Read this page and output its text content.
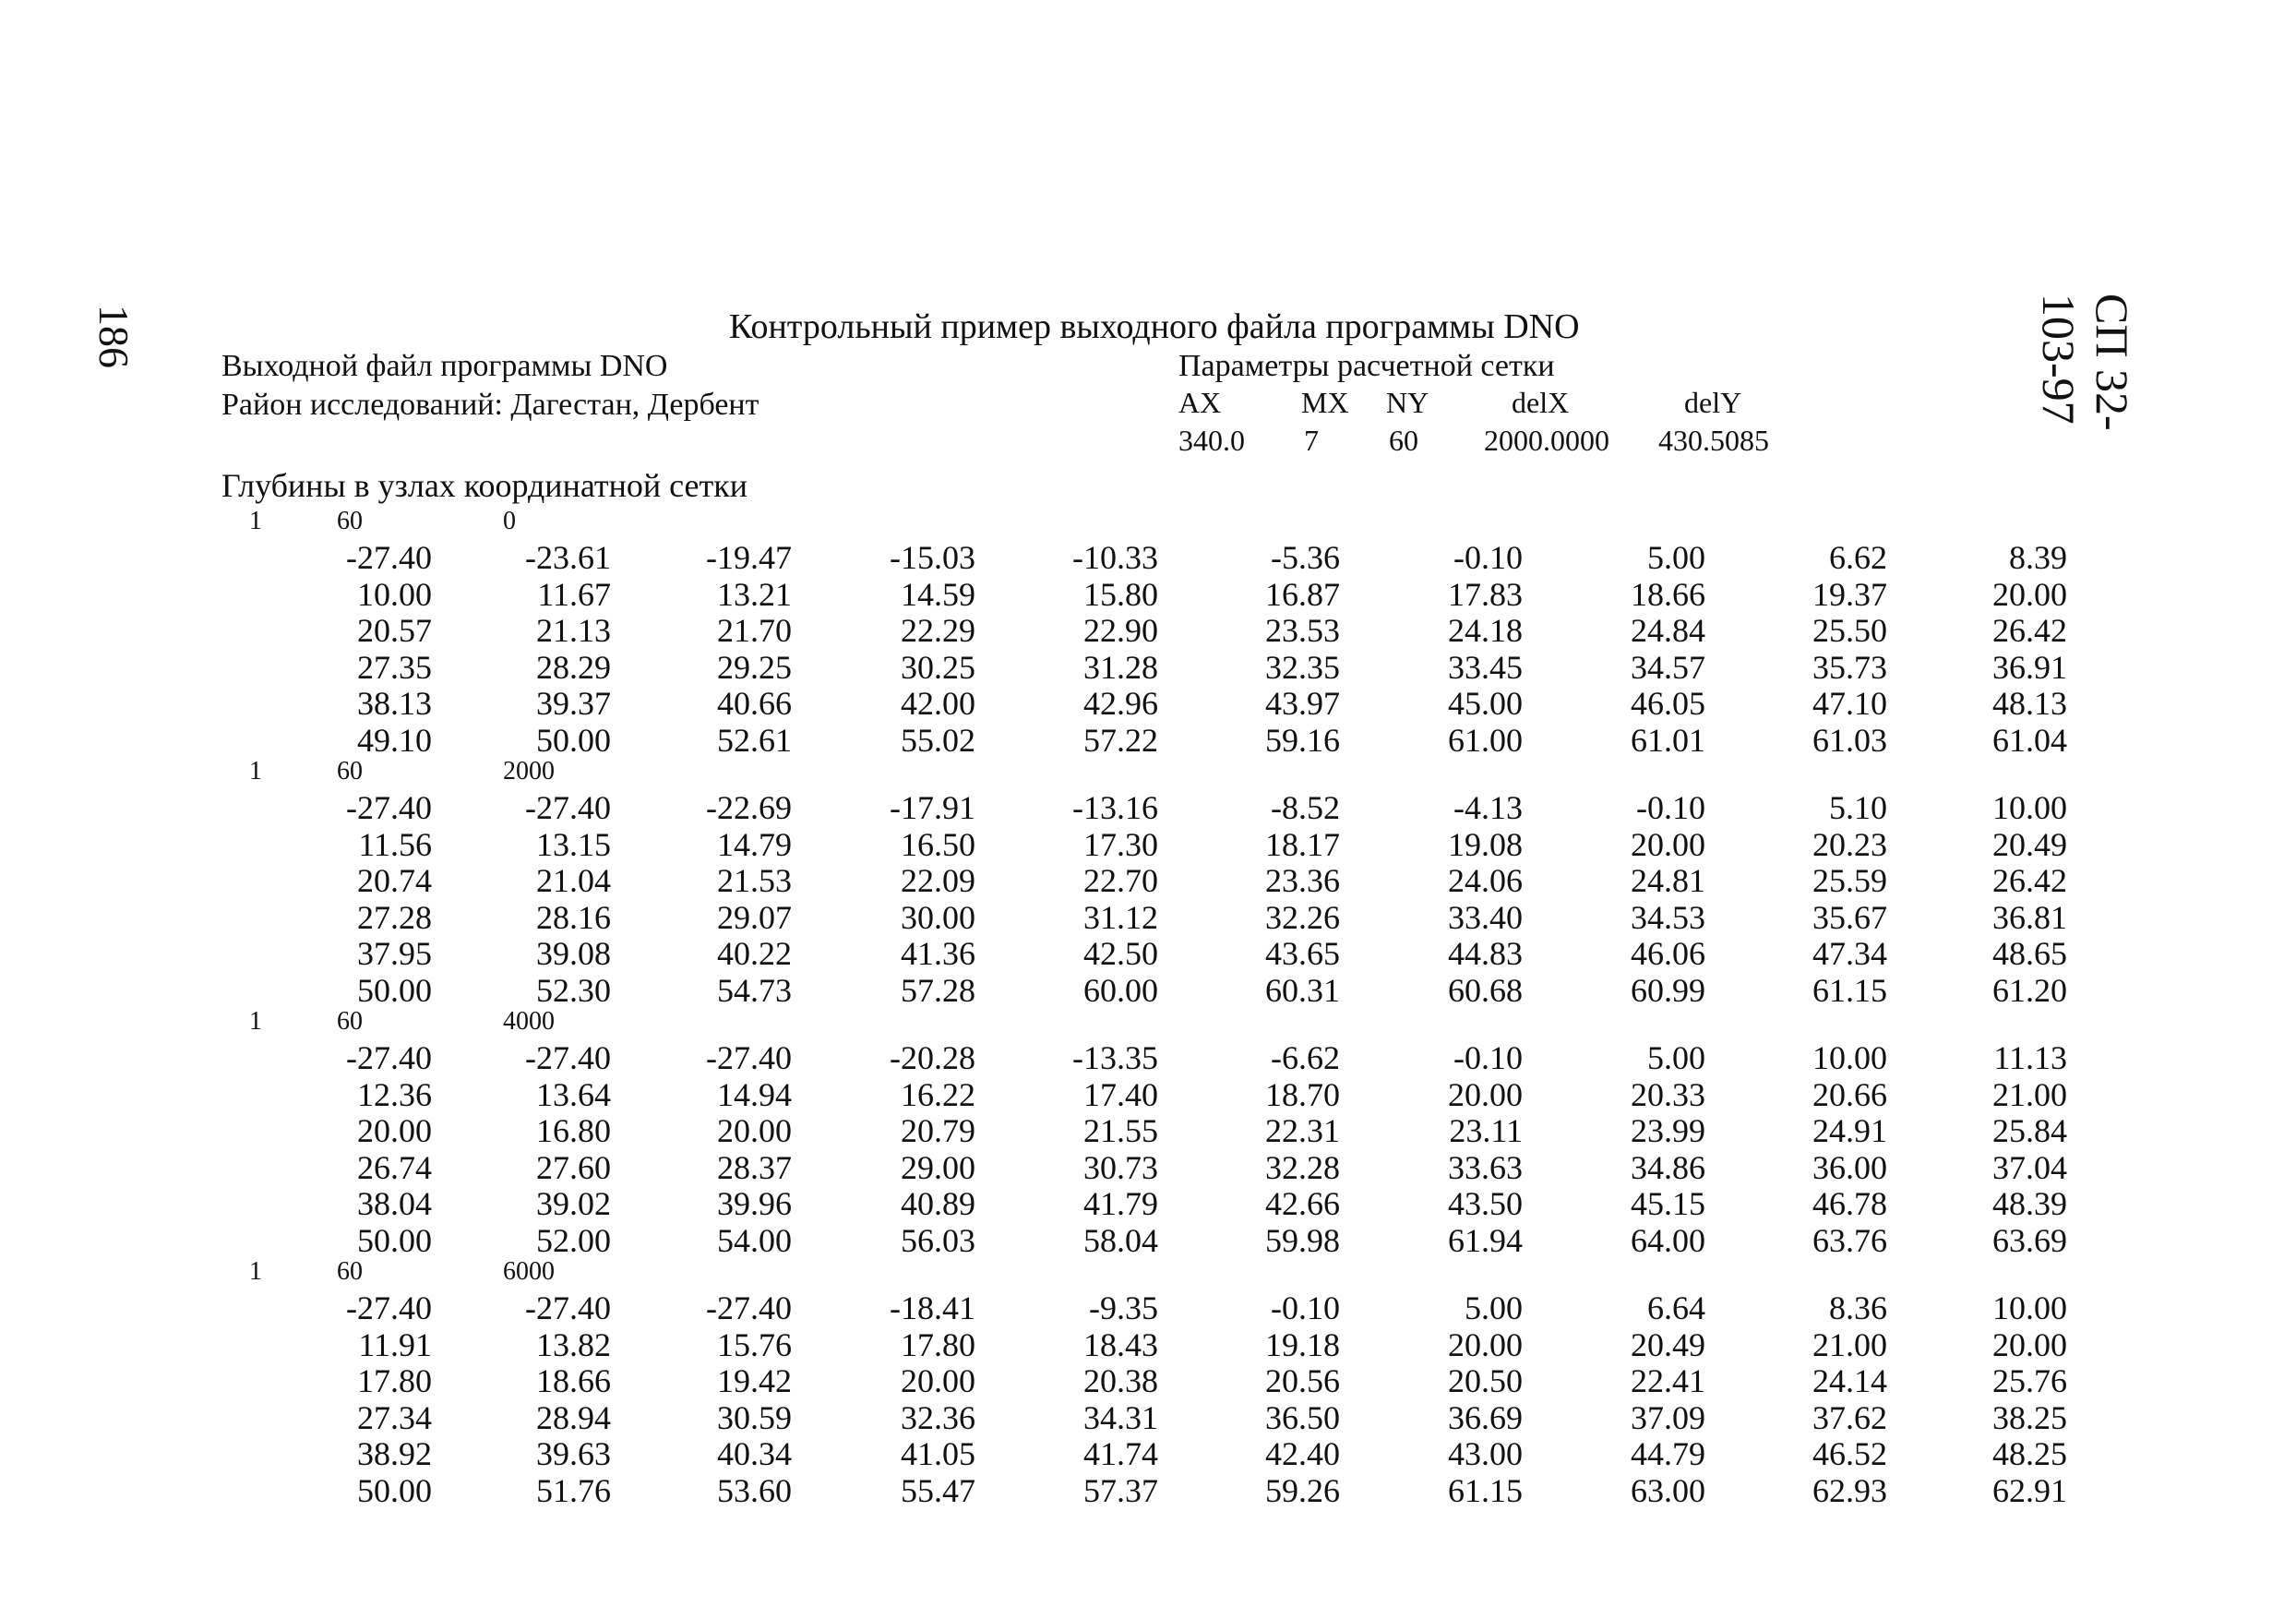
186	СП 32-103-97
Контрольный пример выходного файла программы DNO
Выходной файл программы DNO
Район исследований: Дагестан, Дербент
Параметры расчетной сетки
AX	MX NY	delX	delY
340.0 7 60 2000.0000 430.5085
Глубины в узлах координатной сетки
1	60	0
-27.40	-23.61	-19.47	-15.03	-10.33	-5.36	-0.10	5.00	6.62	8.39
10.00	11.67	13.21	14.59	15.80	16.87	17.83	18.66	19.37	20.00
20.57	21.13	21.70	22.29	22.90	23.53	24.18	24.84	25.50	26.42
27.35	28.29	29.25	30.25	31.28	32.35	33.45	34.57	35.73	36.91
38.13	39.37	40.66	42.00	42.96	43.97	45.00	46.05	47.10	48.13
49.10	50.00	52.61	55.02	57.22	59.16	61.00	61.01	61.03	61.04
1	60	2000
-27.40	-27.40	-22.69	-17.91	-13.16	-8.52	-4.13	-0.10	5.10	10.00
11.56	13.15	14.79	16.50	17.30	18.17	19.08	20.00	20.23	20.49
20.74	21.04	21.53	22.09	22.70	23.36	24.06	24.81	25.59	26.42
27.28	28.16	29.07	30.00	31.12	32.26	33.40	34.53	35.67	36.81
37.95	39.08	40.22	41.36	42.50	43.65	44.83	46.06	47.34	48.65
50.00	52.30	54.73	57.28	60.00	60.31	60.68	60.99	61.15	61.20
1	60	4000
-27.40	-27.40	-27.40	-20.28	-13.35	-6.62	-0.10	5.00	10.00	11.13
12.36	13.64	14.94	16.22	17.40	18.70	20.00	20.33	20.66	21.00
20.00	16.80	20.00	20.79	21.55	22.31	23.11	23.99	24.91	25.84
26.74	27.60	28.37	29.00	30.73	32.28	33.63	34.86	36.00	37.04
38.04	39.02	39.96	40.89	41.79	42.66	43.50	45.15	46.78	48.39
50.00	52.00	54.00	56.03	58.04	59.98	61.94	64.00	63.76	63.69
1	60	6000
-27.40	-27.40	-27.40	-18.41	-9.35	-0.10	5.00	6.64	8.36	10.00
11.91	13.82	15.76	17.80	18.43	19.18	20.00	20.49	21.00	20.00
17.80	18.66	19.42	20.00	20.38	20.56	20.50	22.41	24.14	25.76
27.34	28.94	30.59	32.36	34.31	36.50	36.69	37.09	37.62	38.25
38.92	39.63	40.34	41.05	41.74	42.40	43.00	44.79	46.52	48.25
50.00	51.76	53.60	55.47	57.37	59.26	61.15	63.00	62.93	62.91
